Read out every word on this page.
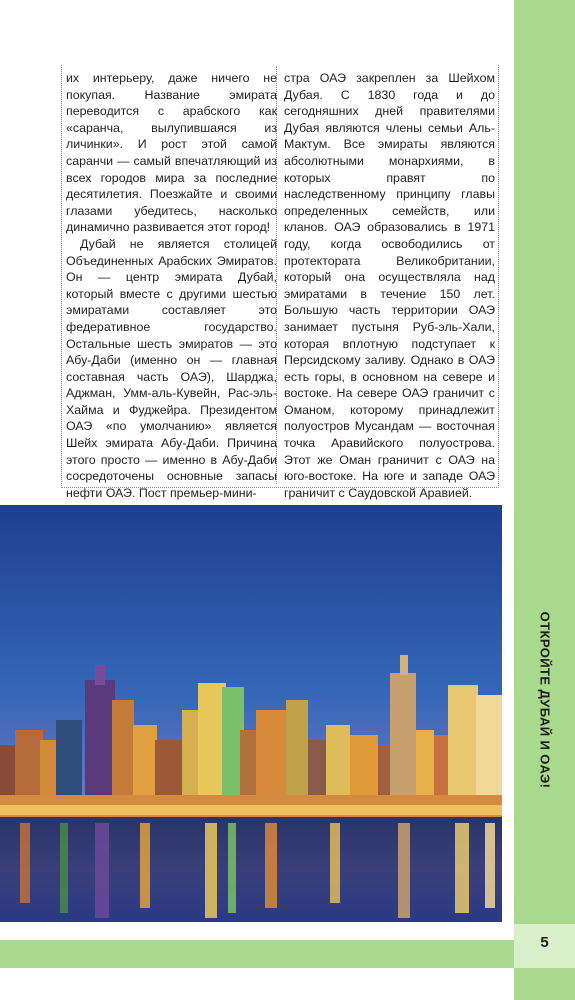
ОТКРОЙТЕ ДУБАЙ И ОАЭ!
5

их интерьеру, даже ничего не покупая. Название эмирата переводится с арабского как «саранча, вылупившаяся из личинки». И рост этой самой саранчи — самый впечатляющий из всех городов мира за последние десятилетия. Поезжайте и своими глазами убедитесь, насколько динамично развивается этот город!

Дубай не является столицей Объединенных Арабских Эмиратов. Он — центр эмирата Дубай, который вместе с другими шестью эмиратами составляет это федеративное государство. Остальные шесть эмиратов — это Абу-Даби (именно он — главная составная часть ОАЭ), Шарджа, Аджман, Умм-аль-Кувейн, Рас-эль-Хайма и Фуджейра. Президентом ОАЭ «по умолчанию» является Шейх эмирата Абу-Даби. Причина этого просто — именно в Абу-Даби сосредоточены основные запасы нефти ОАЭ. Пост премьер-мини-

стра ОАЭ закреплен за Шейхом Дубая. С 1830 года и до сегодняшних дней правителями Дубая являются члены семьи Аль-Мактум. Все эмираты являются абсолютными монархиями, в которых правят по наследственному принципу главы определенных семейств, или кланов. ОАЭ образовались в 1971 году, когда освободились от протектората Великобритании, который она осуществляла над эмиратами в течение 150 лет. Большую часть территории ОАЭ занимает пустыня Руб-эль-Хали, которая вплотную подступает к Персидскому заливу. Однако в ОАЭ есть горы, в основном на севере и востоке. На севере ОАЭ граничит с Оманом, которому принадлежит полуостров Мусандам — восточная точка Аравийского полуострова. Этот же Оман граничит с ОАЭ на юго-востоке. На юге и западе ОАЭ граничит с Саудовской Аравией.
